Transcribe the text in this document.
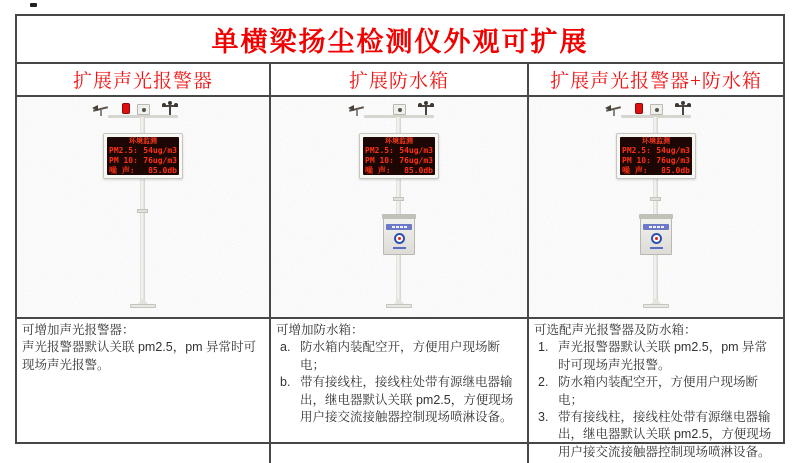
单横梁扬尘检测仪外观可扩展
扩展声光报警器	扩展防水箱	扩展声光报警器+防水箱
环境监测
PM2.5: 54ug/m3
PM 10: 76ug/m3
噪 声: 85.0db
环境监测
PM2.5: 54ug/m3
PM 10: 76ug/m3
噪 声: 85.0db
环境监测
PM2.5: 54ug/m3
PM 10: 76ug/m3
噪 声: 85.0db
可增加声光报警器：
声光报警器默认关联 pm2.5，pm 异常时可现场声光报警。
可增加防水箱：
a. 防水箱内装配空开，方便用户现场断电；
b. 带有接线柱，接线柱处带有源继电器输出，继电器默认关联 pm2.5，方便现场用户接交流接触器控制现场喷淋设备。
可选配声光报警器及防水箱：
1. 声光报警器默认关联 pm2.5，pm 异常时可现场声光报警。
2. 防水箱内装配空开，方便用户现场断电；
3. 带有接线柱，接线柱处带有源继电器输出，继电器默认关联 pm2.5，方便现场用户接交流接触器控制现场喷淋设备。
